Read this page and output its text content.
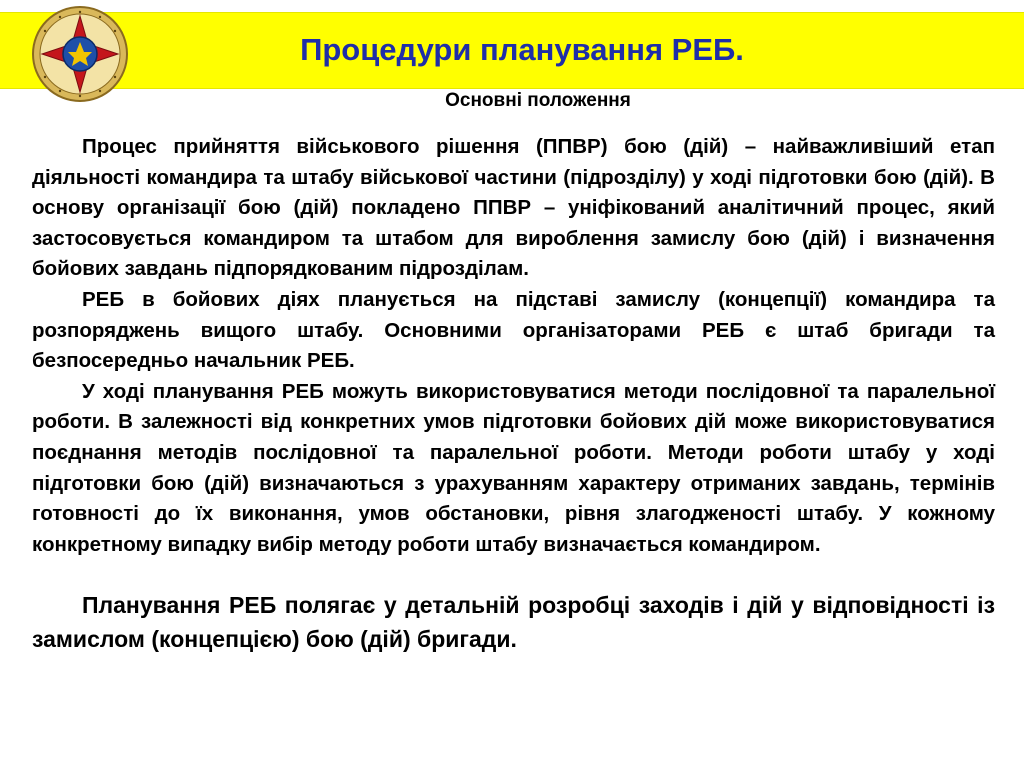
Процедури планування РЕБ.
Основні положення

Процес прийняття військового рішення (ППВР) бою (дій) – найважливіший етап діяльності командира та штабу військової частини (підрозділу) у ході підготовки бою (дій). В основу організації бою (дій) покладено ППВР – уніфікований аналітичний процес, який застосовується командиром та штабом для вироблення замислу бою (дій) і визначення бойових завдань підпорядкованим підрозділам.

РЕБ в бойових діях планується на підставі замислу (концепції) командира та розпоряджень вищого штабу. Основними організаторами РЕБ є штаб бригади та безпосередньо начальник РЕБ.

У ході планування РЕБ можуть використовуватися методи послідовної та паралельної роботи. В залежності від конкретних умов підготовки бойових дій може використовуватися поєднання методів послідовної та паралельної роботи. Методи роботи штабу у ході підготовки бою (дій) визначаються з урахуванням характеру отриманих завдань, термінів готовності до їх виконання, умов обстановки, рівня злагодженості штабу. У кожному конкретному випадку вибір методу роботи штабу визначається командиром.

Планування РЕБ полягає у детальній розробці заходів і дій у відповідності із замислом (концепцією) бою (дій) бригади.
